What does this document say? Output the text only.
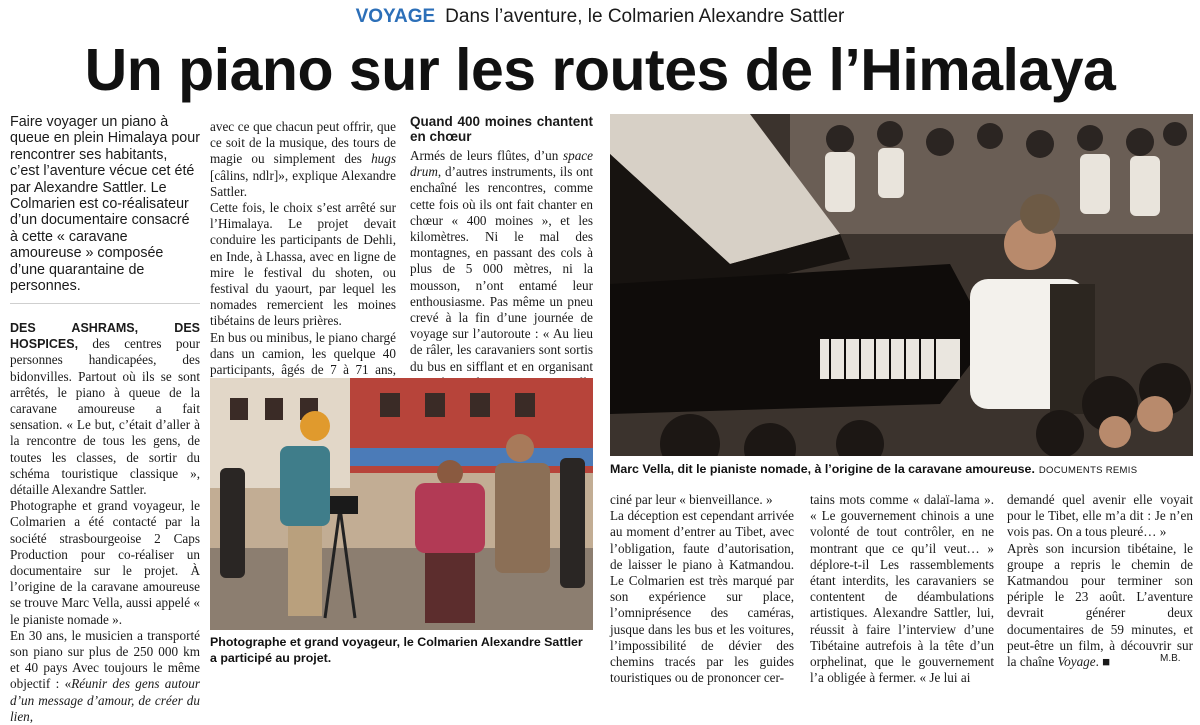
VOYAGE Dans l’aventure, le Colmarien Alexandre Sattler
Un piano sur les routes de l’Himalaya
Faire voyager un piano à queue en plein Himalaya pour rencontrer ses habitants, c’est l’aventure vécue cet été par Alexandre Sattler. Le Colmarien est co-réalisateur d’un documentaire consacré à cette « caravane amoureuse » composée d’une quarantaine de personnes.

DES ASHRAMS, DES HOSPICES, des centres pour personnes handicapées, des bidonvilles. Partout où ils se sont arrêtés, le piano à queue de la caravane amoureuse a fait sensation. « Le but, c’était d’aller à la rencontre de tous les gens, de toutes les classes, de sortir du schéma touristique classique », détaille Alexandre Sattler.

Photographe et grand voyageur, le Colmarien a été contacté par la société strasbourgeoise 2 Caps Production pour co-réaliser un documentaire sur le projet. À l’origine de la caravane amoureuse se trouve Marc Vella, aussi appelé « le pianiste nomade ».

En 30 ans, le musicien a transporté son piano sur plus de 250 000 km et 40 pays Avec toujours le même objectif : «Réunir des gens autour d’un message d’amour, de créer du lien,

avec ce que chacun peut offrir, que ce soit de la musique, des tours de magie ou simplement des hugs [câlins, ndlr]», explique Alexandre Sattler.

Cette fois, le choix s’est arrêté sur l’Himalaya. Le projet devait conduire les participants de Dehli, en Inde, à Lhassa, avec en ligne de mire le festival du shoten, ou festival du yaourt, par lequel les nomades remercient les moines tibétains de leurs prières.

En bus ou minibus, le piano chargé dans un camion, les quelque 40 participants, âgés de 7 à 71 ans,

Quand 400 moines chantent en chœur

Armés de leurs flûtes, d’un space drum, d’autres instruments, ils ont enchaîné les rencontres, comme cette fois où ils ont fait chanter en chœur « 400 moines », et les kilomètres. Ni le mal des montagnes, en passant des cols à plus de 5 000 mètres, ni la mousson, n’ont entamé leur enthousiasme. Pas même un pneu crevé à la fin d’une journée de voyage sur l’autoroute : « Au lieu de râler, les caravaniers sont sortis du bus en sifflant et en organisant

Marc Vella, dit le pianiste nomade, à l’origine de la caravane amoureuse. DOCUMENTS REMIS
Photographe et grand voyageur, le Colmarien Alexandre Sattler a participé au projet.

ciné par leur « bienveillance. »

La déception est cependant arrivée au moment d’entrer au Tibet, avec l’obligation, faute d’autorisation, de laisser le piano à Katmandou. Le Colmarien est très marqué par son expérience sur place, l’omniprésence des caméras, jusque dans les bus et les voitures, l’impossibilité de dévier des chemins tracés par les guides touristiques ou de prononcer cer-

tains mots comme « dalaï-lama ». « Le gouvernement chinois a une volonté de tout contrôler, en ne montrant que ce qu’il veut… » déplore-t-il Les rassemblements étant interdits, les caravaniers se contentent de déambulations artistiques. Alexandre Sattler, lui, réussit à faire l’interview d’une Tibétaine autrefois à la tête d’un orphelinat, que le gouvernement l’a obligée à fermer. « Je lui ai

demandé quel avenir elle voyait pour le Tibet, elle m’a dit : Je n’en vois pas. On a tous pleuré… »

Après son incursion tibétaine, le groupe a repris le chemin de Katmandou pour terminer son périple le 23 août. L’aventure devrait générer deux documentaires de 59 minutes, et peut-être un film, à découvrir sur la chaîne Voyage. ■	M.B.
